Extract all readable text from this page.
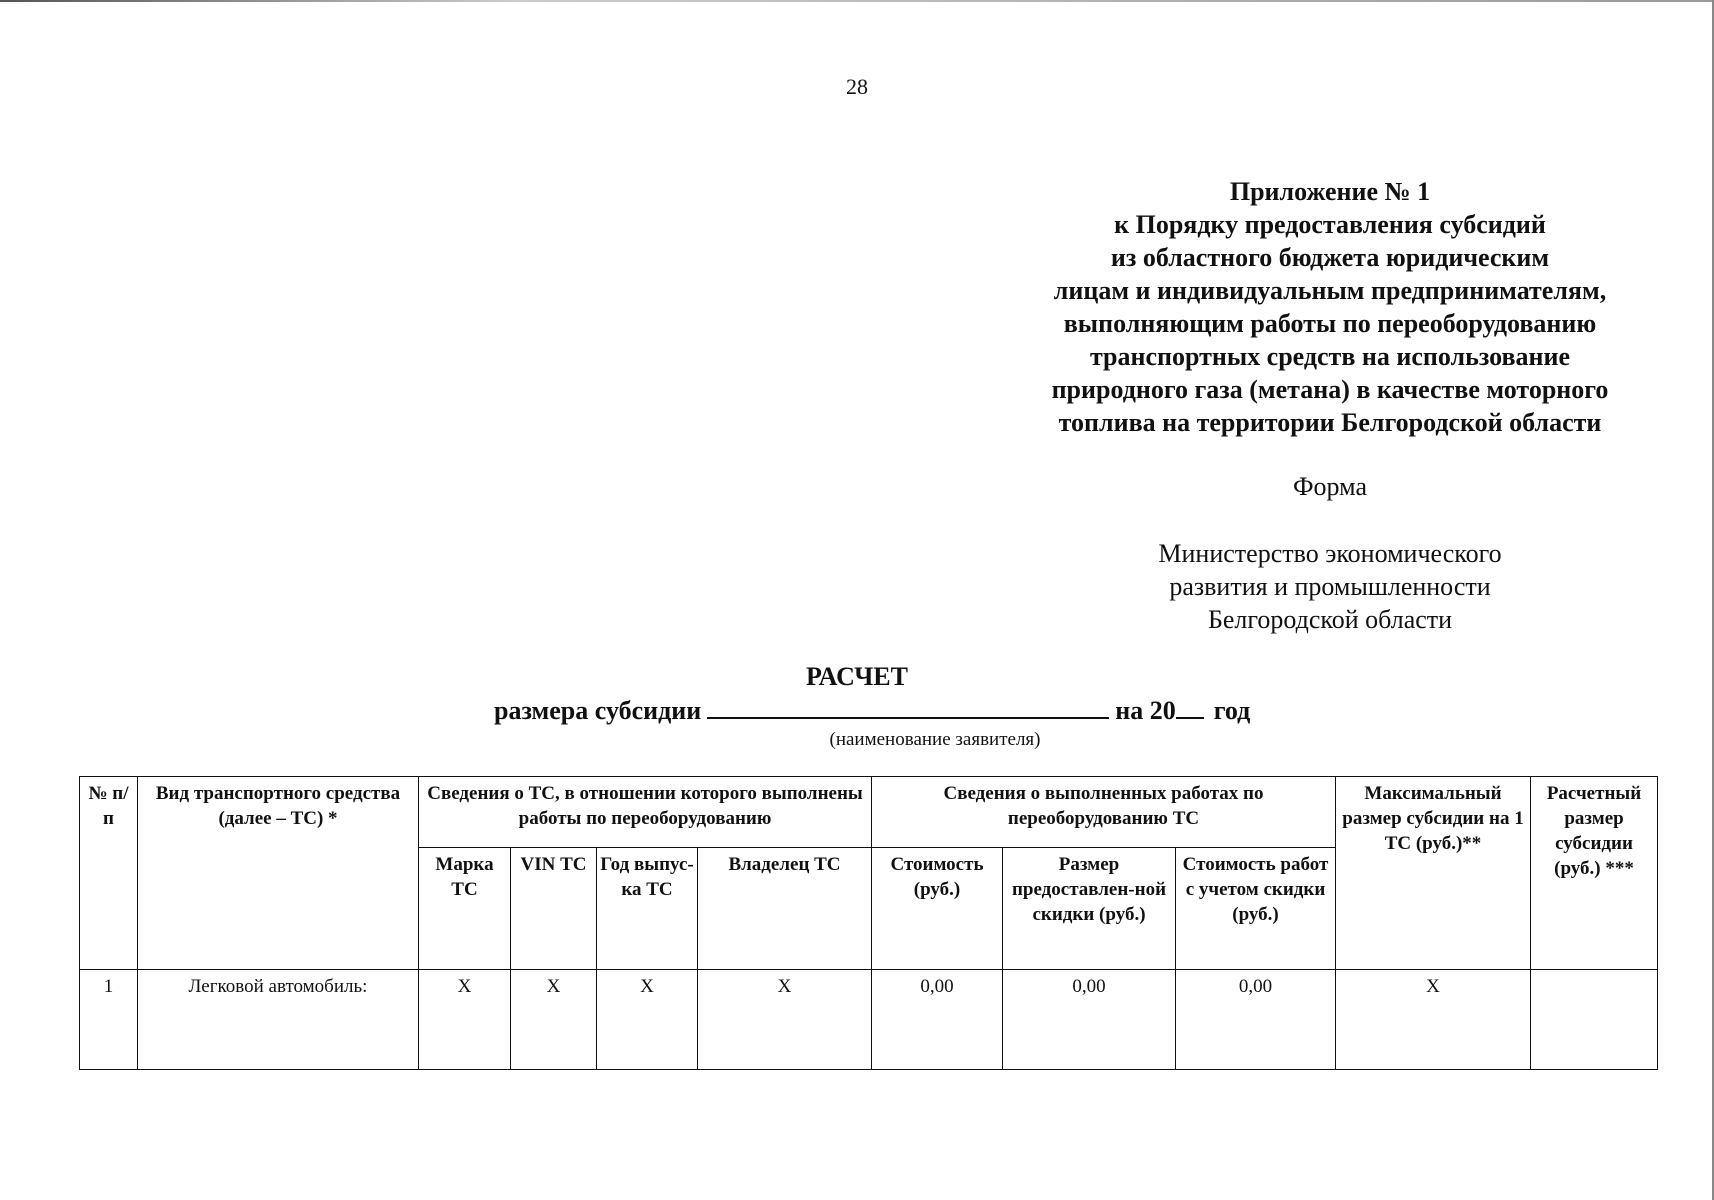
28
Приложение № 1
к Порядку предоставления субсидий
из областного бюджета юридическим
лицам и индивидуальным предпринимателям,
выполняющим работы по переоборудованию
транспортных средств на использование
природного газа (метана) в качестве моторного
топлива на территории Белгородской области
Форма
Министерство экономического
развития и промышленности
Белгородской области
РАСЧЕТ
размера субсидии	на 20 год
(наименование заявителя)
№ п/п	Вид транспортного средства (далее – ТС) *	Сведения о ТС, в отношении которого выполнены работы по переоборудованию				Сведения о выполненных работах по переоборудованию ТС			Максимальный размер субсидии на 1 ТС (руб.)**	Расчетный размер субсидии (руб.) ***
		Марка ТС	VIN ТС	Год выпус-ка ТС	Владелец ТС	Стоимость (руб.)	Размер предоставлен-ной скидки (руб.)	Стоимость работ с учетом скидки (руб.)		
1	Легковой автомобиль:	Х	Х	Х	Х	0,00	0,00	0,00	Х	
